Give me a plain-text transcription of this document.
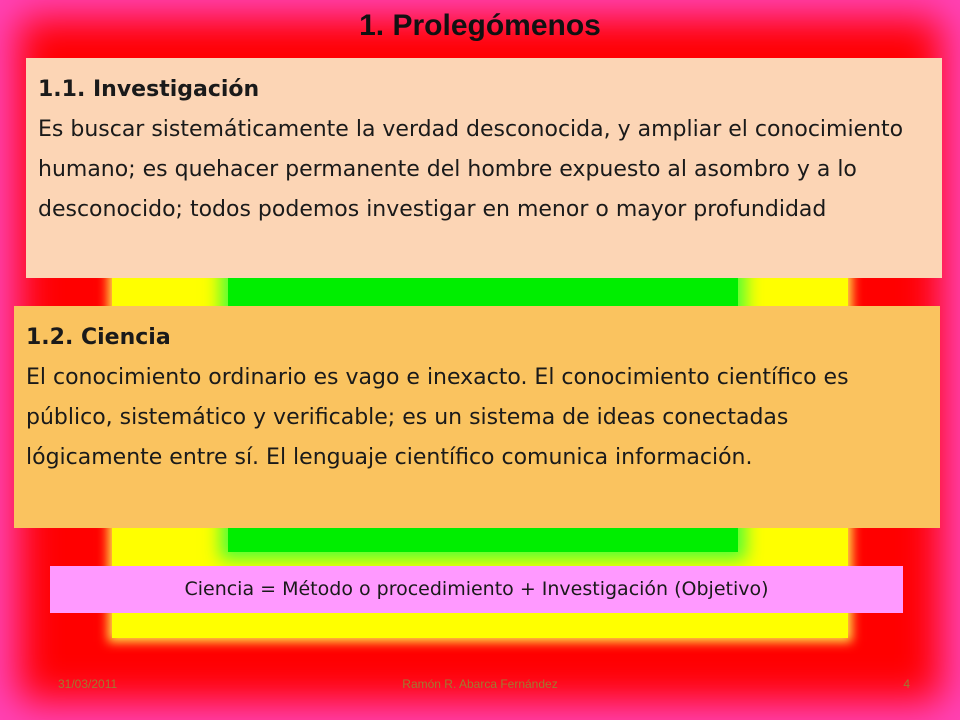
1. Prolegómenos
1.1. Investigación
Es buscar sistemáticamente la verdad desconocida, y ampliar el conocimiento humano; es quehacer permanente del hombre expuesto al asombro y a lo desconocido; todos podemos investigar en menor o mayor profundidad
1.2. Ciencia
El conocimiento ordinario es vago e inexacto. El conocimiento científico es público, sistemático y verificable; es un sistema de ideas conectadas lógicamente entre sí. El lenguaje científico comunica información.
Ciencia = Método o procedimiento + Investigación (Objetivo)
31/03/2011	Ramón R. Abarca Fernández	4
